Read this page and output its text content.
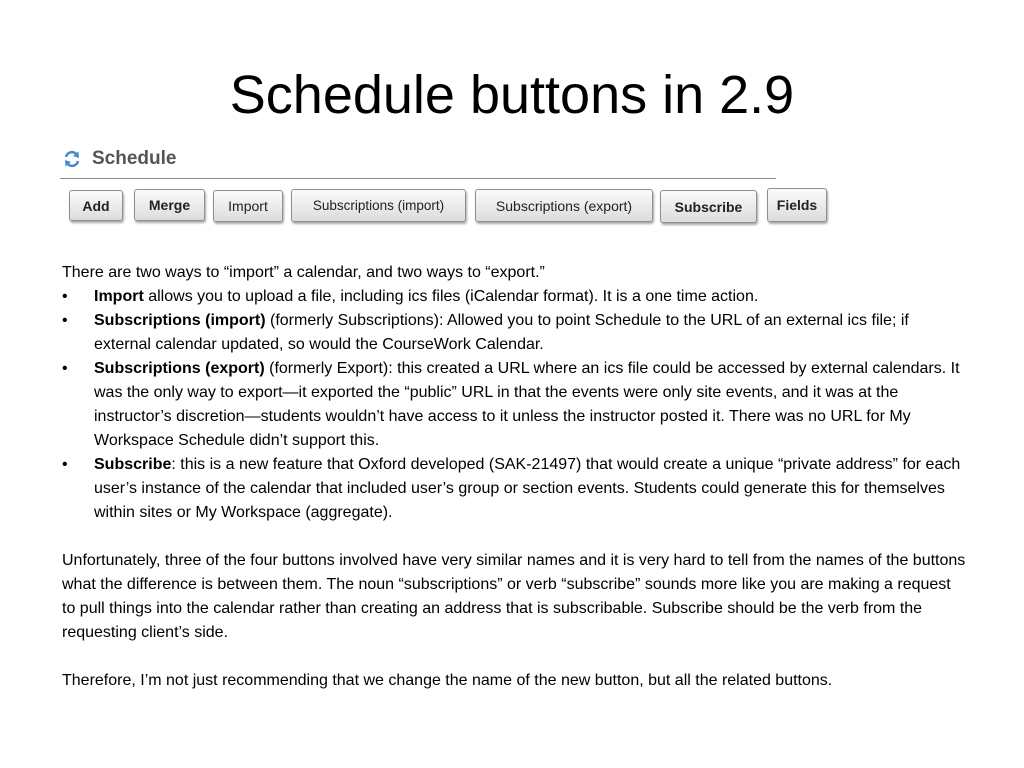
Schedule buttons in 2.9
Schedule
Add	Merge	Import	Subscriptions (import)	Subscriptions (export)	Subscribe	Fields

There are two ways to “import” a calendar, and two ways to “export.”

• Import allows you to upload a file, including ics files (iCalendar format). It is a one time action.
• Subscriptions (import) (formerly Subscriptions): Allowed you to point Schedule to the URL of an external ics file; if external calendar updated, so would the CourseWork Calendar.
• Subscriptions (export) (formerly Export): this created a URL where an ics file could be accessed by external calendars. It was the only way to export—it exported the “public” URL in that the events were only site events, and it was at the instructor’s discretion—students wouldn’t have access to it unless the instructor posted it. There was no URL for My Workspace Schedule didn’t support this.
• Subscribe: this is a new feature that Oxford developed (SAK-21497) that would create a unique “private address” for each user’s instance of the calendar that included user’s group or section events. Students could generate this for themselves within sites or My Workspace (aggregate).

Unfortunately, three of the four buttons involved have very similar names and it is very hard to tell from the names of the buttons what the difference is between them. The noun “subscriptions” or verb “subscribe” sounds more like you are making a request to pull things into the calendar rather than creating an address that is subscribable. Subscribe should be the verb from the requesting client’s side.

Therefore, I’m not just recommending that we change the name of the new button, but all the related buttons.
